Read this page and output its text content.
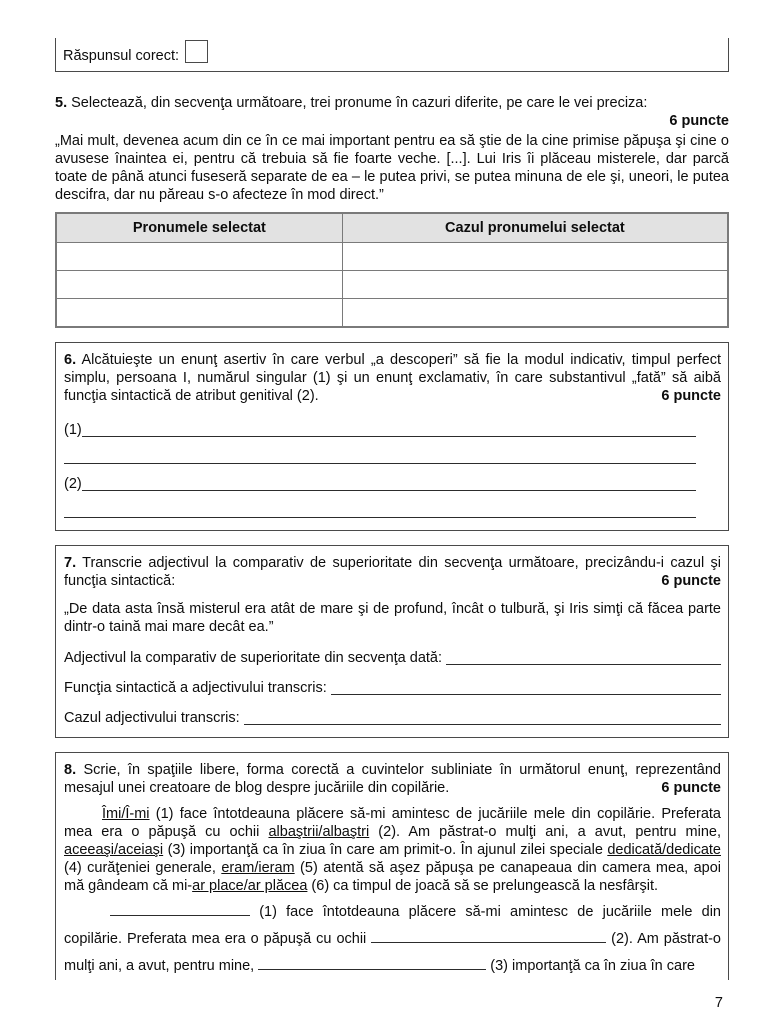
Răspunsul corect:

5. Selectează, din secvenţa următoare, trei pronume în cazuri diferite, pe care le vei preciza:

6 puncte

„Mai mult, devenea acum din ce în ce mai important pentru ea să ştie de la cine primise păpuşa şi cine o avusese înaintea ei, pentru că trebuia să fie foarte veche. [...]. Lui Iris îi plăceau misterele, dar parcă toate de până atunci fuseseră separate de ea – le putea privi, se putea minuna de ele şi, uneori, le putea descifra, dar nu păreau s-o afecteze în mod direct.”

Pronumele selectat	Cazul pronumelui selectat

6. Alcătuieşte un enunţ asertiv în care verbul „a descoperi” să fie la modul indicativ, timpul perfect simplu, persoana I, numărul singular (1) şi un enunţ exclamativ, în care substantivul „fată” să aibă funcţia sintactică de atribut genitival (2).	6 puncte

(1)
(2)

7. Transcrie adjectivul la comparativ de superioritate din secvenţa următoare, precizându-i cazul şi funcţia sintactică:	6 puncte

„De data asta însă misterul era atât de mare şi de profund, încât o tulbură, şi Iris simţi că făcea parte dintr-o taină mai mare decât ea.”

Adjectivul la comparativ de superioritate din secvenţa dată:
Funcţia sintactică a adjectivului transcris:
Cazul adjectivului transcris:

8. Scrie, în spaţiile libere, forma corectă a cuvintelor subliniate în următorul enunţ, reprezentând mesajul unei creatoare de blog despre jucăriile din copilărie.	6 puncte

Îmi/Î-mi (1) face întotdeauna plăcere să-mi amintesc de jucăriile mele din copilărie. Preferata mea era o păpuşă cu ochii albaştrii/albaştri (2). Am păstrat-o mulţi ani, a avut, pentru mine, aceeaşi/aceiaşi (3) importanţă ca în ziua în care am primit-o. În ajunul zilei speciale dedicată/dedicate (4) curăţeniei generale, eram/ieram (5) atentă să aşez păpuşa pe canapeaua din camera mea, apoi mă gândeam că mi-ar place/ar plăcea (6) ca timpul de joacă să se prelungească la nesfârşit.

(1) face întotdeauna plăcere să-mi amintesc de jucăriile mele din copilărie. Preferata mea era o păpuşă cu ochii	(2). Am păstrat-o mulţi ani, a avut, pentru mine,	(3) importanţă ca în ziua în care

7
